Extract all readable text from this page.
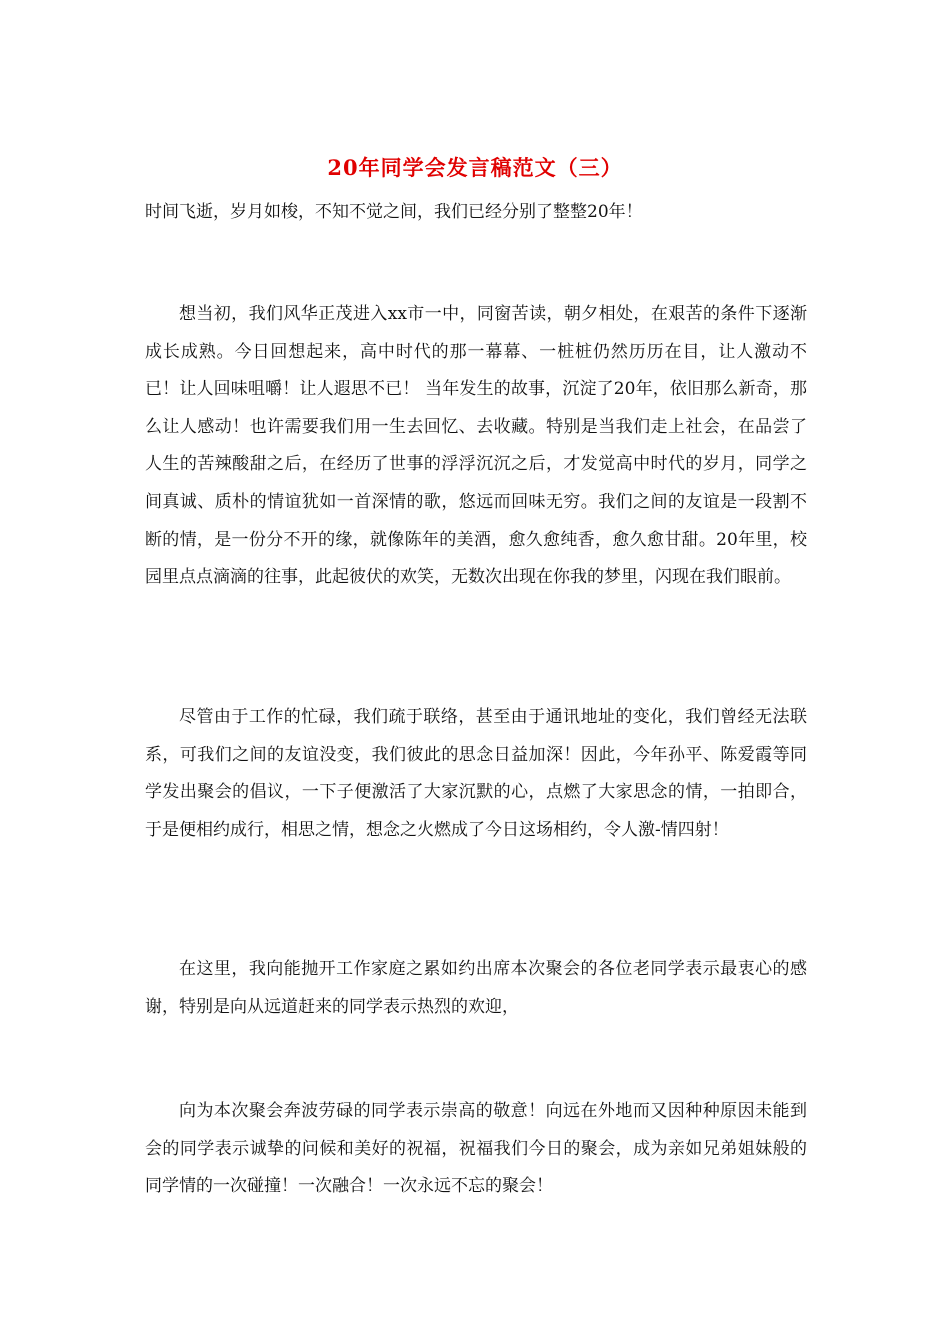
20年同学会发言稿范文（三）
时间飞逝，岁月如梭，不知不觉之间，我们已经分别了整整20年！

想当初，我们风华正茂进入xx市一中，同窗苦读，朝夕相处，在艰苦的条件下逐渐成长成熟。今日回想起来，高中时代的那一幕幕、一桩桩仍然历历在目，让人激动不已！让人回味咀嚼！让人遐思不已！ 当年发生的故事，沉淀了20年，依旧那么新奇，那么让人感动！也许需要我们用一生去回忆、去收藏。特别是当我们走上社会，在品尝了人生的苦辣酸甜之后，在经历了世事的浮浮沉沉之后，才发觉高中时代的岁月，同学之间真诚、质朴的情谊犹如一首深情的歌，悠远而回味无穷。我们之间的友谊是一段割不断的情，是一份分不开的缘，就像陈年的美酒，愈久愈纯香，愈久愈甘甜。20年里，校园里点点滴滴的往事，此起彼伏的欢笑，无数次出现在你我的梦里，闪现在我们眼前。

尽管由于工作的忙碌，我们疏于联络，甚至由于通讯地址的变化，我们曾经无法联系，可我们之间的友谊没变，我们彼此的思念日益加深！因此，今年孙平、陈爱霞等同学发出聚会的倡议，一下子便激活了大家沉默的心，点燃了大家思念的情，一拍即合，于是便相约成行，相思之情，想念之火燃成了今日这场相约，令人激-情四射！

在这里，我向能抛开工作家庭之累如约出席本次聚会的各位老同学表示最衷心的感谢，特别是向从远道赶来的同学表示热烈的欢迎，

向为本次聚会奔波劳碌的同学表示崇高的敬意！向远在外地而又因种种原因未能到会的同学表示诚挚的问候和美好的祝福，祝福我们今日的聚会，成为亲如兄弟姐妹般的同学情的一次碰撞！一次融合！一次永远不忘的聚会！
